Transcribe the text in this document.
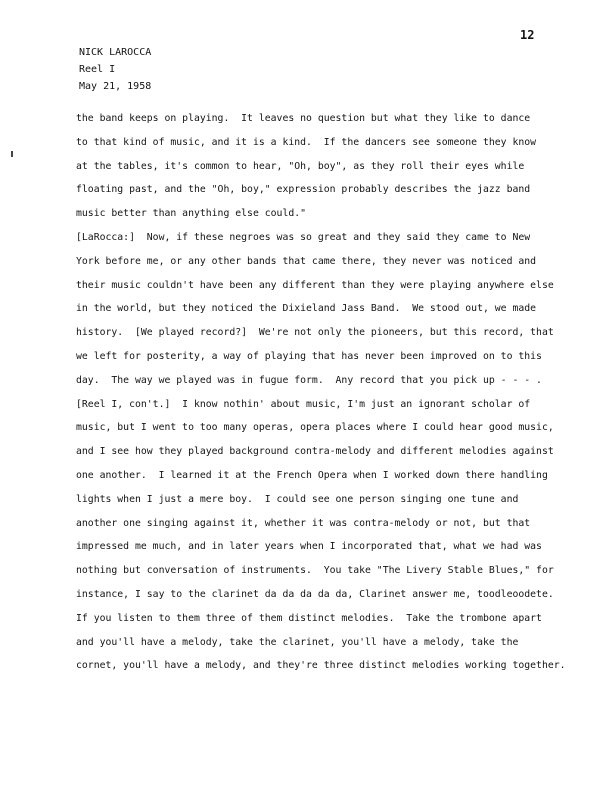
12
NICK LAROCCA
Reel I
May 21, 1958
the band keeps on playing.  It leaves no question but what they like to dance
to that kind of music, and it is a kind.  If the dancers see someone they know
at the tables, it's common to hear, "Oh, boy", as they roll their eyes while
floating past, and the "Oh, boy," expression probably describes the jazz band
music better than anything else could."
[LaRocca:]  Now, if these negroes was so great and they said they came to New
York before me, or any other bands that came there, they never was noticed and
their music couldn't have been any different than they were playing anywhere else
in the world, but they noticed the Dixieland Jass Band.  We stood out, we made
history.  [We played record?]  We're not only the pioneers, but this record, that
we left for posterity, a way of playing that has never been improved on to this
day.  The way we played was in fugue form.  Any record that you pick up - - - .
[Reel I, con't.]  I know nothin' about music, I'm just an ignorant scholar of
music, but I went to too many operas, opera places where I could hear good music,
and I see how they played background contra-melody and different melodies against
one another.  I learned it at the French Opera when I worked down there handling
lights when I just a mere boy.  I could see one person singing one tune and
another one singing against it, whether it was contra-melody or not, but that
impressed me much, and in later years when I incorporated that, what we had was
nothing but conversation of instruments.  You take "The Livery Stable Blues," for
instance, I say to the clarinet da da da da da, Clarinet answer me, toodleoodete.
If you listen to them three of them distinct melodies.  Take the trombone apart
and you'll have a melody, take the clarinet, you'll have a melody, take the
cornet, you'll have a melody, and they're three distinct melodies working together.
